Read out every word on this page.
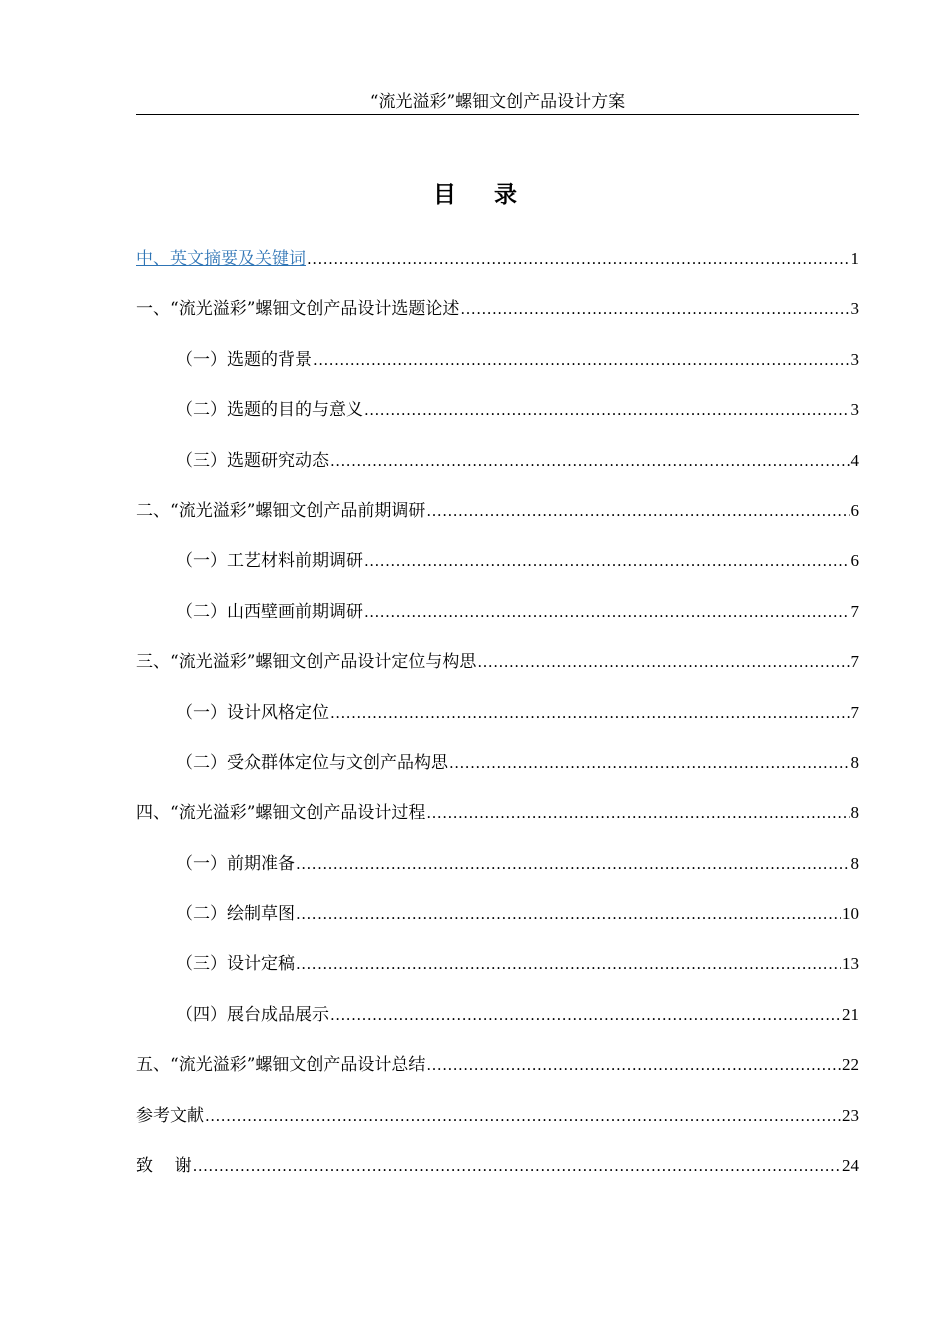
“流光溢彩”螺钿文创产品设计方案
目录
中、英文摘要及关键词 .....	1
一、“流光溢彩”螺钿文创产品设计选题论述 .....	3
（一）选题的背景 .....	3
（二）选题的目的与意义 .....	3
（三）选题研究动态 .....	4
二、“流光溢彩”螺钿文创产品前期调研 .....	6
（一）工艺材料前期调研 .....	6
（二）山西壁画前期调研 .....	7
三、“流光溢彩”螺钿文创产品设计定位与构思 .....	7
（一）设计风格定位 .....	7
（二）受众群体定位与文创产品构思 .....	8
四、“流光溢彩”螺钿文创产品设计过程 .....	8
（一）前期准备 .....	8
（二）绘制草图 .....	10
（三）设计定稿 .....	13
（四）展台成品展示 .....	21
五、“流光溢彩”螺钿文创产品设计总结 .....	22
参考文献 .....	23
致    谢 .....	24
